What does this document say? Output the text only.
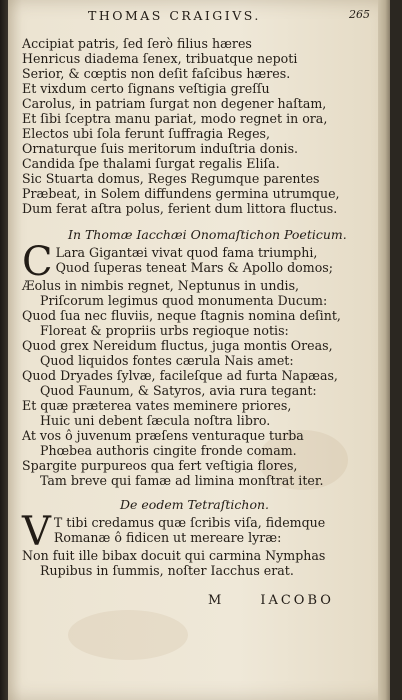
THOMAS CRAIGIVS.	265
Accipiat patris, ſed ſerò filius hæres
Henricus diadema ſenex, tribuatque nepoti
Serior, & cœptis non deſit faſcibus hæres.
Et vixdum certo ſignans veſtigia greſſu
Carolus, in patriam ſurgat non degener haſtam,
Et ſibi ſceptra manu pariat, modo regnet in ora,
Electos ubi ſola ferunt ſuffragia Reges,
Ornaturque ſuis meritorum induſtria donis.
Candida ſpe thalami ſurgat regalis Eliſa.
Sic Stuarta domus, Reges Regumque parentes
Præbeat, in Solem diffundens germina utrumque,
Dum ferat aſtra polus, ferient dum littora fluctus.
In Thomæ Iacchæi Onomaſtichon Poeticum.
C Lara Gigantæi vivat quod fama triumphi,
Quod ſuperas teneat Mars & Apollo domos;
Æolus in nimbis regnet, Neptunus in undis,
Priſcorum legimus quod monumenta Ducum:
Quod ſua nec fluviis, neque ſtagnis nomina deſint,
Floreat & propriis urbs regioque notis:
Quod grex Nereidum fluctus, juga montis Oreas,
Quod liquidos fontes cærula Nais amet:
Quod Dryades ſylvæ, facileſque ad furta Napæas,
Quod Faunum, & Satyros, avia rura tegant:
Et quæ præterea vates meminere priores,
Huic uni debent ſæcula noſtra libro.
At vos ô juvenum præſens venturaque turba
Phœbea authoris cingite fronde comam.
Spargite purpureos qua fert veſtigia flores,
Tam breve qui famæ ad limina monſtrat iter.
De eodem Tetraſtichon.
V T tibi credamus quæ ſcribis viſa, fidemque
Romanæ ô fidicen ut mereare lyræ:
Non fuit ille bibax docuit qui carmina Nymphas
Rupibus in ſummis, noſter Iacchus erat.
M	IACOBO
